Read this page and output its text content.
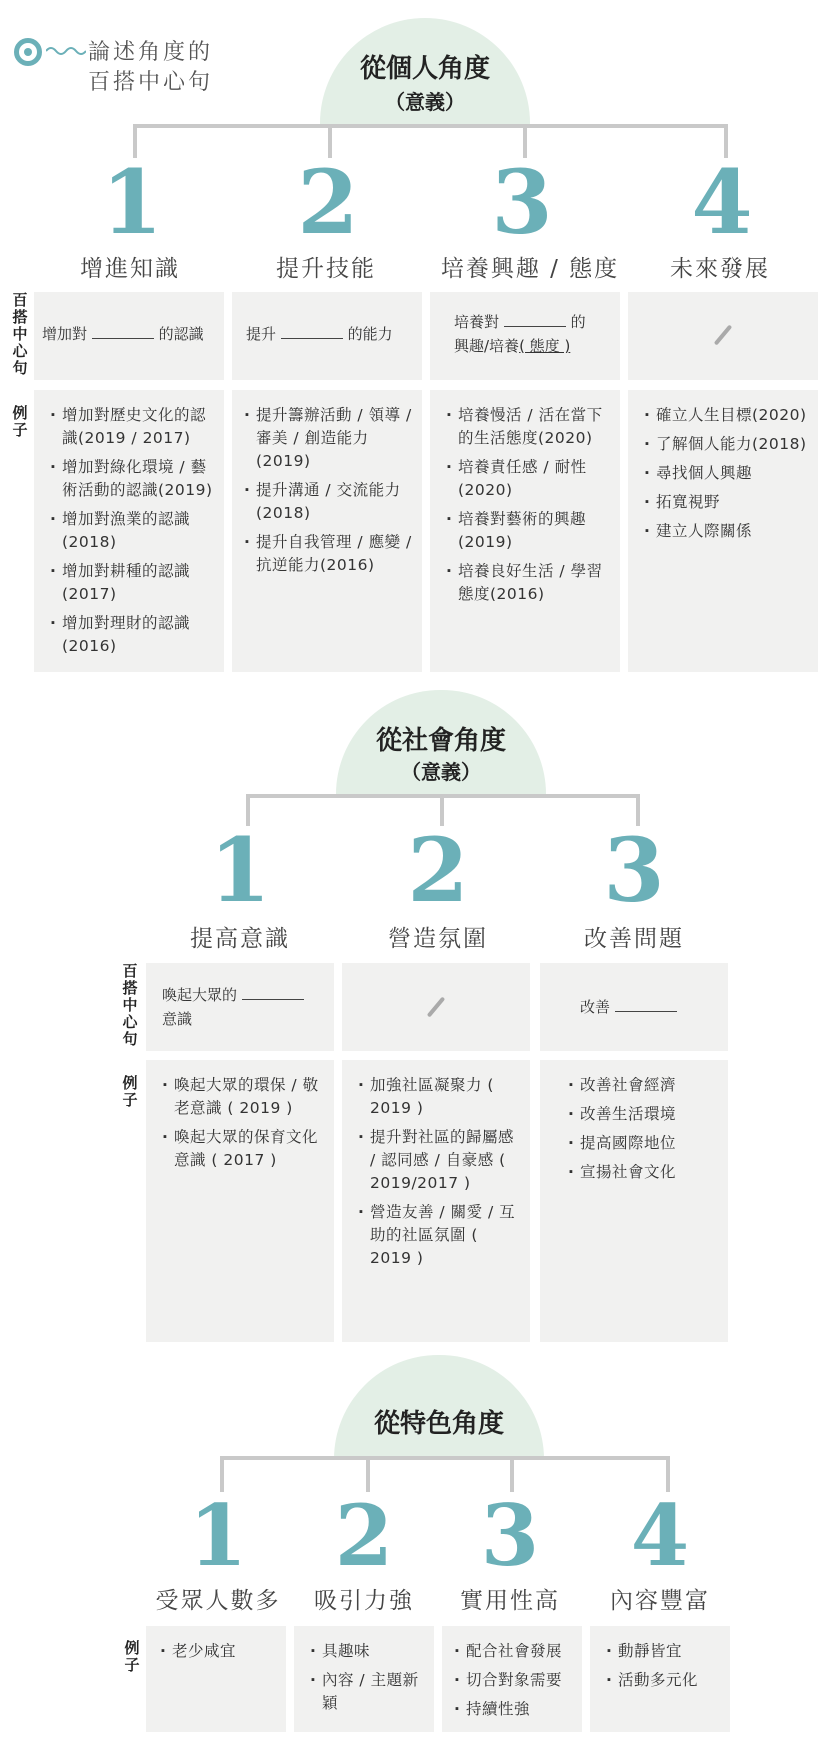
論述角度的
百搭中心句	從個人角度
（意義）
1	2	3	4
增進知識	提升技能	培養興趣 / 態度	未來發展
百搭中心句
例子
增加對	的認識	提升	的能力
培養對	的
興趣/培養( 態度 )
· 增加對歷史文化的認識(2019 / 2017)
· 增加對綠化環境 / 藝術活動的認識(2019)
· 增加對漁業的認識(2018)
· 增加對耕種的認識(2017)
· 增加對理財的認識(2016)
· 提升籌辦活動 / 領導 / 審美 / 創造能力(2019)
· 提升溝通 / 交流能力(2018)
· 提升自我管理 / 應變 / 抗逆能力(2016)
· 培養慢活 / 活在當下的生活態度(2020)
· 培養責任感 / 耐性(2020)
· 培養對藝術的興趣(2019)
· 培養良好生活 / 學習態度(2016)
· 確立人生目標(2020)
· 了解個人能力(2018)
· 尋找個人興趣
· 拓寬視野
· 建立人際關係
從社會角度
（意義）
1	2	3
提高意識	營造氛圍	改善問題
百搭中心句
例子
喚起大眾的
意識
改善
· 喚起大眾的環保 / 敬老意識 ( 2019 )
· 喚起大眾的保育文化意識 ( 2017 )
· 加強社區凝聚力 ( 2019 )
· 提升對社區的歸屬感 / 認同感 / 自豪感 ( 2019/2017 )
· 營造友善 / 關愛 / 互助的社區氛圍 ( 2019 )
· 改善社會經濟
· 改善生活環境
· 提高國際地位
· 宣揚社會文化
從特色角度
1	2	3	4
受眾人數多	吸引力強	實用性高	內容豐富
例子
· 老少咸宜
·	具趣味
· 內容 / 主題新穎
· 配合社會發展
· 切合對象需要
· 持續性強
· 動靜皆宜
· 活動多元化
